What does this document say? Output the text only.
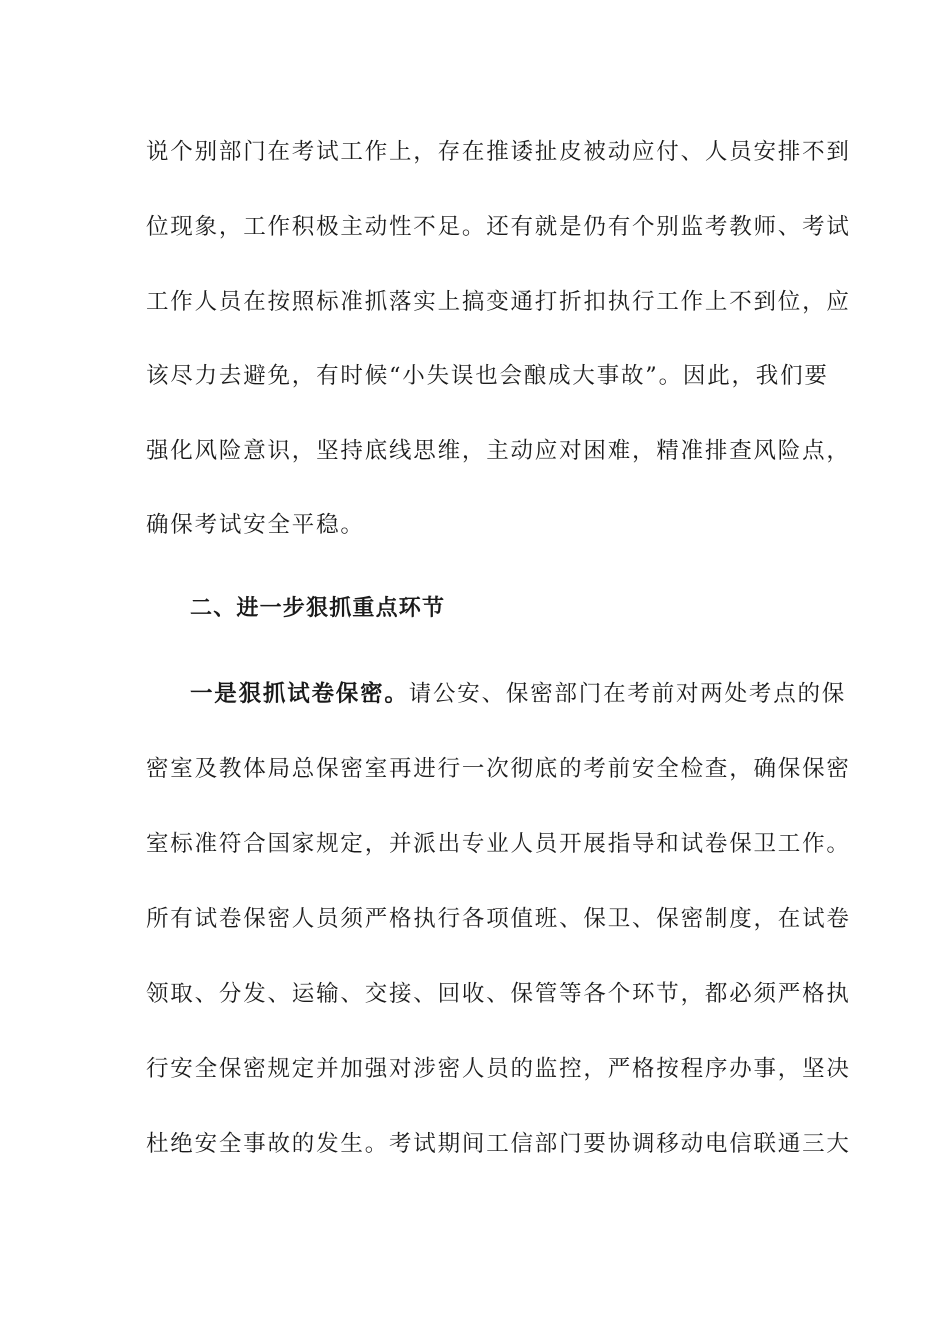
说个别部门在考试工作上，存在推诿扯皮被动应付、人员安排不到
位现象，工作积极主动性不足。还有就是仍有个别监考教师、考试
工作人员在按照标准抓落实上搞变通打折扣执行工作上不到位，应
该尽力去避免，有时候“小失误也会酿成大事故”。因此，我们要
强化风险意识，坚持底线思维，主动应对困难，精准排查风险点，
确保考试安全平稳。
二、进一步狠抓重点环节
一是狠抓试卷保密。请公安、保密部门在考前对两处考点的保
密室及教体局总保密室再进行一次彻底的考前安全检查，确保保密
室标准符合国家规定，并派出专业人员开展指导和试卷保卫工作。
所有试卷保密人员须严格执行各项值班、保卫、保密制度，在试卷
领取、分发、运输、交接、回收、保管等各个环节，都必须严格执
行安全保密规定并加强对涉密人员的监控，严格按程序办事，坚决
杜绝安全事故的发生。考试期间工信部门要协调移动电信联通三大
